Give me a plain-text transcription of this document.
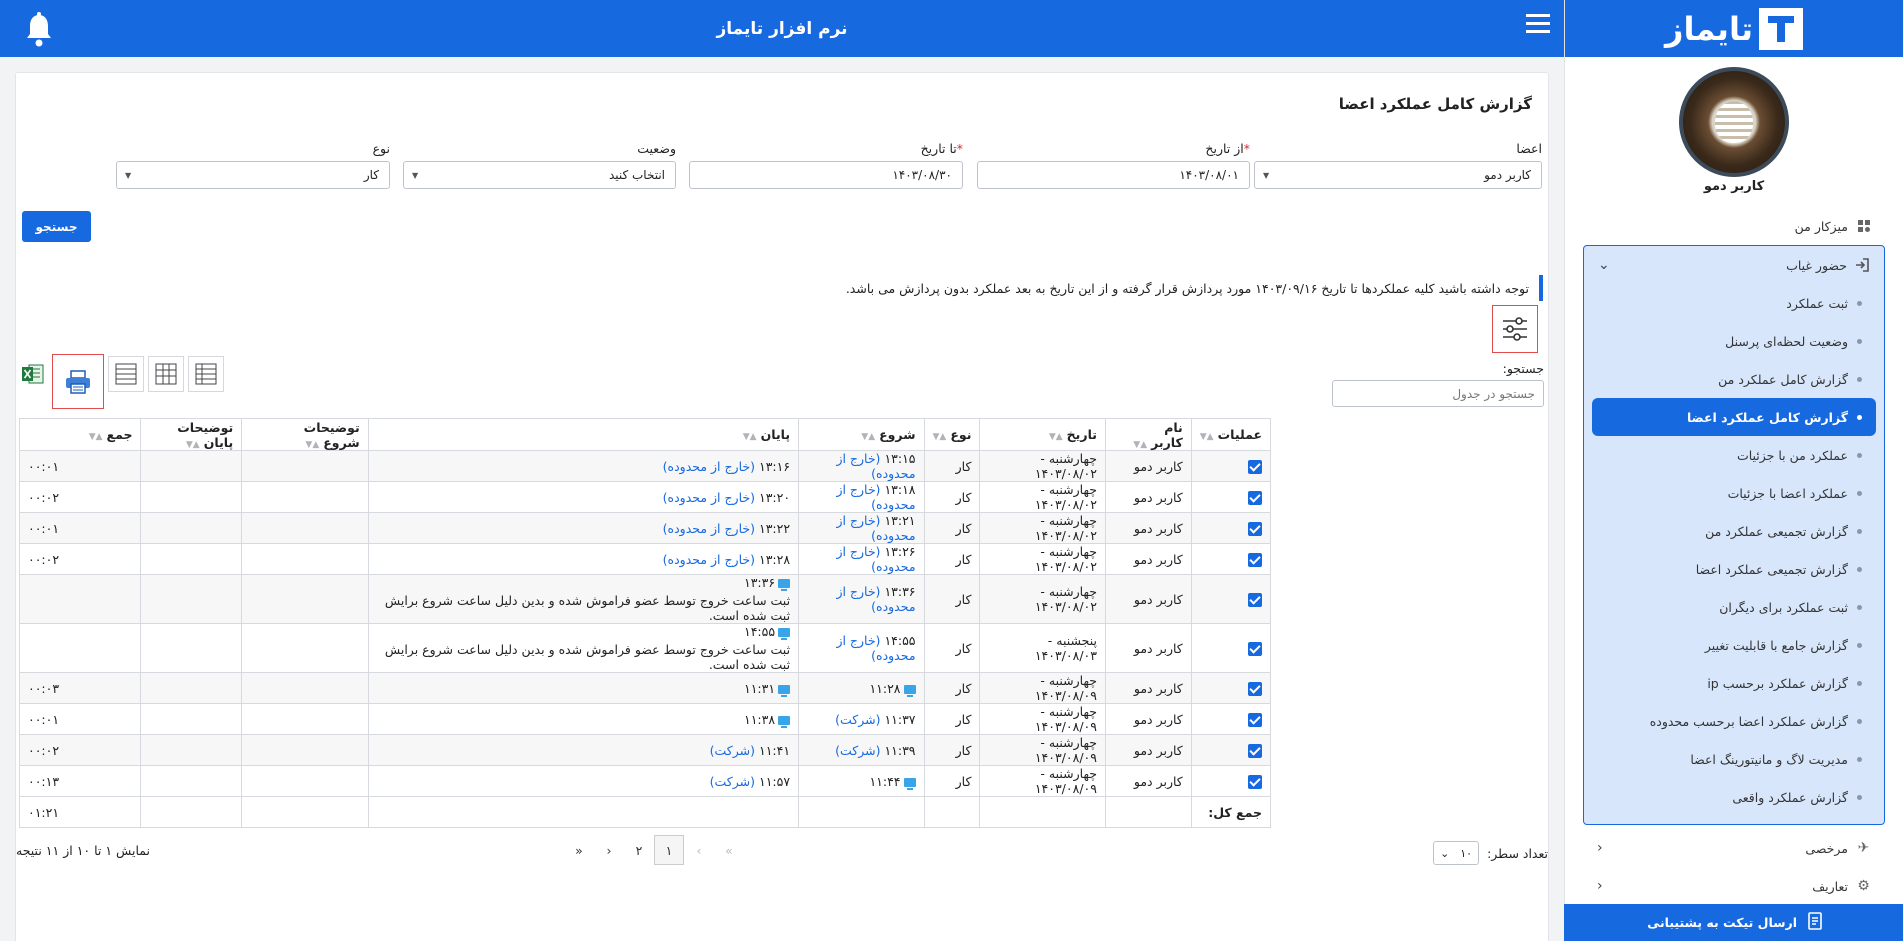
تایماز
کاربر دمو
میزکار من
حضور غیاب
⌄
ثبت عملکرد
وضعیت لحظه‌ای پرسنل
گزارش کامل عملکرد من
گزارش کامل عملکرد اعضا
عملکرد من با جزئیات
عملکرد اعضا با جزئیات
گزارش تجمیعی عملکرد من
گزارش تجمیعی عملکرد اعضا
ثبت عملکرد برای دیگران
گزارش جامع با قابلیت تغییر
گزارش عملکرد برحسب ip
گزارش عملکرد اعضا برحسب محدوده
مدیریت لاگ و مانیتورینگ اعضا
گزارش عملکرد واقعی
✈
مرخصی
‹
⚙
تعاریف
‹
ارسال تیکت به پشتیبانی
نرم افزار تایماز
گزارش کامل عملکرد اعضا
اعضا
کاربر دمو
▼
*از تاریخ
۱۴۰۳/۰۸/۰۱
*تا تاریخ
۱۴۰۳/۰۸/۳۰
وضعیت
انتخاب کنید
▼
نوع
کار
▼
جستجو
توجه داشته باشید کلیه عملکردها تا تاریخ ۱۴۰۳/۰۹/۱۶ مورد پردازش قرار گرفته و از این تاریخ به بعد عملکرد بدون پردازش می باشد.
جستجو:
جستجو در جدول
عملیات▲▼	نام کاربر▲▼	تاریخ▲▼	نوع▲▼	شروع▲▼	پایان▲▼	توضیحات شروع▲▼	توضیحات پایان▲▼	جمع▲▼
	کاربر دمو	چهارشنبه - ۱۴۰۳/۰۸/۰۲	کار	۱۳:۱۵ (خارج از محدوده)	۱۳:۱۶ (خارج از محدوده)			۰۰:۰۱
	کاربر دمو	چهارشنبه - ۱۴۰۳/۰۸/۰۲	کار	۱۳:۱۸ (خارج از محدوده)	۱۳:۲۰ (خارج از محدوده)			۰۰:۰۲
	کاربر دمو	چهارشنبه - ۱۴۰۳/۰۸/۰۲	کار	۱۳:۲۱ (خارج از محدوده)	۱۳:۲۲ (خارج از محدوده)			۰۰:۰۱
	کاربر دمو	چهارشنبه - ۱۴۰۳/۰۸/۰۲	کار	۱۳:۲۶ (خارج از محدوده)	۱۳:۲۸ (خارج از محدوده)			۰۰:۰۲
	کاربر دمو	چهارشنبه - ۱۴۰۳/۰۸/۰۲	کار	۱۳:۳۶ (خارج از محدوده)	۱۳:۳۶
ثبت ساعت خروج توسط عضو فراموش شده و بدین دلیل ساعت شروع برایش ثبت شده است.			

	کاربر دمو	پنجشنبه - ۱۴۰۳/۰۸/۰۳	کار	۱۴:۵۵ (خارج از محدوده)	۱۴:۵۵
ثبت ساعت خروج توسط عضو فراموش شده و بدین دلیل ساعت شروع برایش ثبت شده است.			

	کاربر دمو	چهارشنبه - ۱۴۰۳/۰۸/۰۹	کار	۱۱:۲۸	۱۱:۳۱			۰۰:۰۳
	کاربر دمو	چهارشنبه - ۱۴۰۳/۰۸/۰۹	کار	۱۱:۳۷ (شرکت)	۱۱:۳۸			۰۰:۰۱
	کاربر دمو	چهارشنبه - ۱۴۰۳/۰۸/۰۹	کار	۱۱:۳۹ (شرکت)	۱۱:۴۱ (شرکت)			۰۰:۰۲
	کاربر دمو	چهارشنبه - ۱۴۰۳/۰۸/۰۹	کار	۱۱:۴۴	۱۱:۵۷ (شرکت)			۰۰:۱۳
جمع کل:								۰۱:۲۱
تعداد سطر:
۱۰
⌄
»	›	۲	۱	‹	«
نمایش ۱ تا ۱۰ از ۱۱ نتیجه
